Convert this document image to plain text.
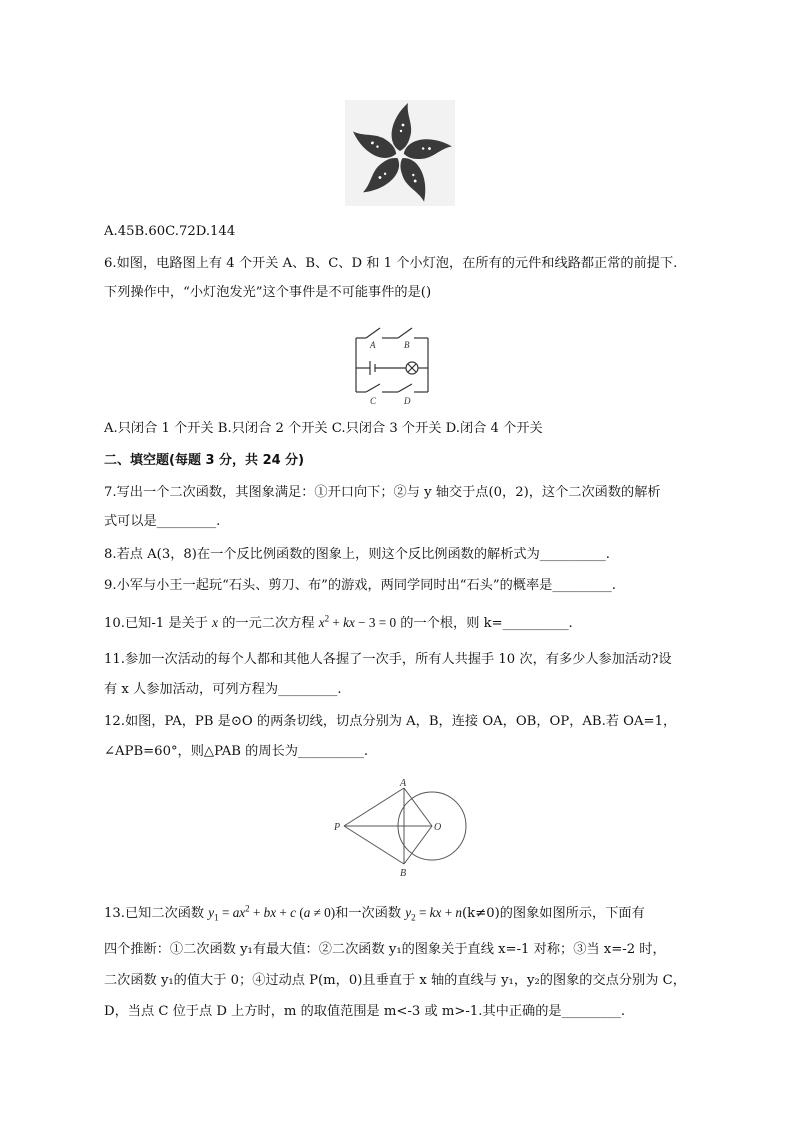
A.45B.60C.72D.144
6.如图，电路图上有 4 个开关 A、B、C、D 和 1 个小灯泡，在所有的元件和线路都正常的前提下.
下列操作中，“小灯泡发光”这个事件是不可能事件的是()
A	B
C	D
A.只闭合 1 个开关 B.只闭合 2 个开关 C.只闭合 3 个开关 D.闭合 4 个开关
二、填空题(每题 3 分，共 24 分)
7.写出一个二次函数，其图象满足：①开口向下；②与 y 轴交于点(0，2)，这个二次函数的解析
式可以是_________.
8.若点 A(3，8)在一个反比例函数的图象上，则这个反比例函数的解析式为__________.
9.小军与小王一起玩“石头、剪刀、布”的游戏，两同学同时出“石头”的概率是_________.
10.已知-1 是关于 x 的一元二次方程 $x^2$ + kx − 3 = 0 的一个根，则 k=__________.
11.参加一次活动的每个人都和其他人各握了一次手，所有人共握手 10 次，有多少人参加活动?设
有 x 人参加活动，可列方程为_________.
12.如图，PA，PB 是⊙O 的两条切线，切点分别为 A，B，连接 OA，OB，OP，AB.若 OA=1，
∠APB=60°，则△PAB 的周长为__________.
A
B
P	O
13.已知二次函数 $y_1 = ax^2$ + bx + c (a ≠ 0)和一次函数 $y_2$ = kx + n(k≠0)的图象如图所示，下面有
四个推断：①二次函数 y₁有最大值：②二次函数 y₁的图象关于直线 x=-1 对称；③当 x=-2 时，
二次函数 y₁的值大于 0；④过动点 P(m，0)且垂直于 x 轴的直线与 y₁，y₂的图象的交点分别为 C，
D，当点 C 位于点 D 上方时，m 的取值范围是 m<-3 或 m>-1.其中正确的是_________.
